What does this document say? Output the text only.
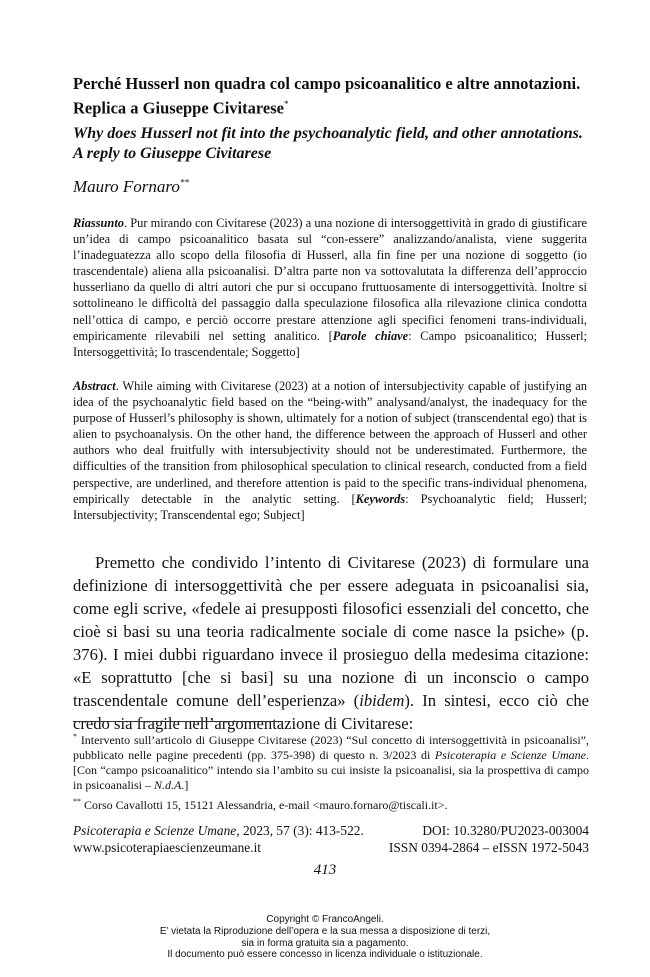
Perché Husserl non quadra col campo psicoanalitico e altre annotazioni.
Replica a Giuseppe Civitarese*
Why does Husserl not fit into the psychoanalytic field, and other annotations.
A reply to Giuseppe Civitarese
Mauro Fornaro**
Riassunto. Pur mirando con Civitarese (2023) a una nozione di intersoggettività in grado di giustificare un’idea di campo psicoanalitico basata sul “con-essere” analizzando/analista, viene suggerita l’inadeguatezza allo scopo della filosofia di Husserl, alla fin fine per una nozione di soggetto (io trascendentale) aliena alla psicoanalisi. D’altra parte non va sottovalutata la differenza dell’approccio husserliano da quello di altri autori che pur si occupano fruttuosamente di intersoggettività. Inoltre si sottolineano le difficoltà del passaggio dalla speculazione filosofica alla rilevazione clinica condotta nell’ottica di campo, e perciò occorre prestare attenzione agli specifici fenomeni trans-individuali, empiricamente rilevabili nel setting analitico. [Parole chiave: Campo psicoanalitico; Husserl; Intersoggettività; Io trascendentale; Soggetto]
Abstract. While aiming with Civitarese (2023) at a notion of intersubjectivity capable of justifying an idea of the psychoanalytic field based on the “being-with” analysand/analyst, the inadequacy for the purpose of Husserl’s philosophy is shown, ultimately for a notion of subject (transcendental ego) that is alien to psychoanalysis. On the other hand, the difference between the approach of Husserl and other authors who deal fruitfully with intersubjectivity should not be underestimated. Furthermore, the difficulties of the transition from philosophical speculation to clinical research, conducted from a field perspective, are underlined, and therefore attention is paid to the specific trans-individual phenomena, empirically detectable in the analytic setting. [Keywords: Psychoanalytic field; Husserl; Intersubjectivity; Transcendental ego; Subject]
Premetto che condivido l’intento di Civitarese (2023) di formulare una definizione di intersoggettività che per essere adeguata in psicoanalisi sia, come egli scrive, «fedele ai presupposti filosofici essenziali del concetto, che cioè si basi su una teoria radicalmente sociale di come nasce la psiche» (p. 376). I miei dubbi riguardano invece il prosieguo della medesima citazione: «E soprattutto [che si basi] su una nozione di un inconscio o campo trascendentale comune dell’esperienza» (ibidem). In sintesi, ecco ciò che credo sia fragile nell’argomentazione di Civitarese:
* Intervento sull’articolo di Giuseppe Civitarese (2023) “Sul concetto di intersoggettività in psicoanalisi”, pubblicato nelle pagine precedenti (pp. 375-398) di questo n. 3/2023 di Psicoterapia e Scienze Umane. [Con “campo psicoanalitico” intendo sia l’ambito su cui insiste la psicoanalisi, sia la prospettiva di campo in psicoanalisi – N.d.A.]
** Corso Cavallotti 15, 15121 Alessandria, e-mail <mauro.fornaro@tiscali.it>.
Psicoterapia e Scienze Umane, 2023, 57 (3): 413-522.	DOI: 10.3280/PU2023-003004
www.psicoterapiaescienzeumane.it	ISSN 0394-2864 – eISSN 1972-5043
413
Copyright © FrancoAngeli.
E’ vietata la Riproduzione dell’opera e la sua messa a disposizione di terzi,
sia in forma gratuita sia a pagamento.
Il documento può essere concesso in licenza individuale o istituzionale.
